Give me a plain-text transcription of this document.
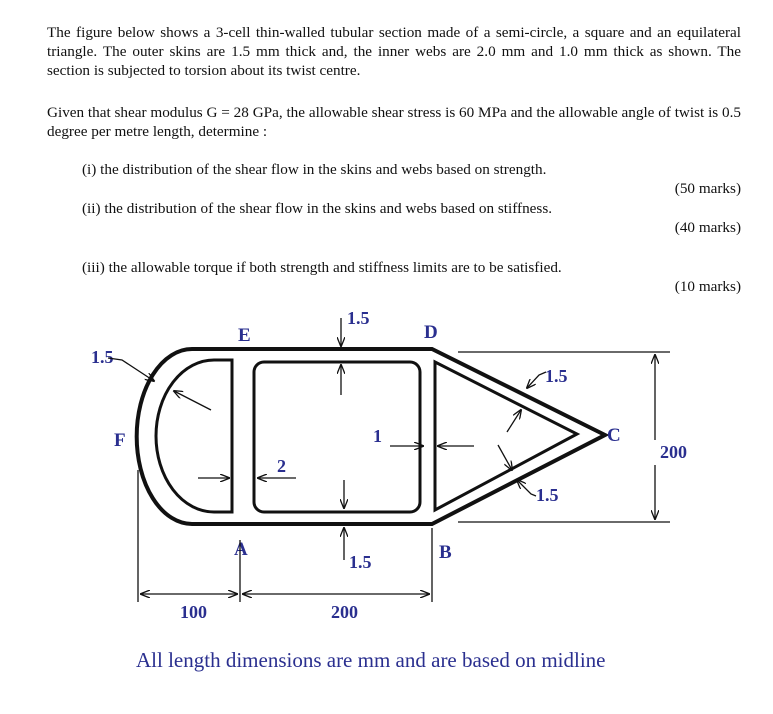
The figure below shows a 3-cell thin-walled tubular section made of a semi-circle, a square and an equilateral triangle. The outer skins are 1.5 mm thick and, the inner webs are 2.0 mm and 1.0 mm thick as shown. The section is subjected to torsion about its twist centre.
Given that shear modulus G = 28 GPa, the allowable shear stress is 60 MPa and the allowable angle of twist is 0.5 degree per metre length, determine :
(i) the distribution of the shear flow in the skins and webs based on strength.
(50 marks)
(ii) the distribution of the shear flow in the skins and webs based on stiffness.
(40 marks)
(iii) the allowable torque if both strength and stiffness limits are to be satisfied.
(10 marks)
E	D
F	C
A	B
1.5
1.5
1.5
1.5
1.5
2
1
200
100	200
All length dimensions are mm and are based on midline
